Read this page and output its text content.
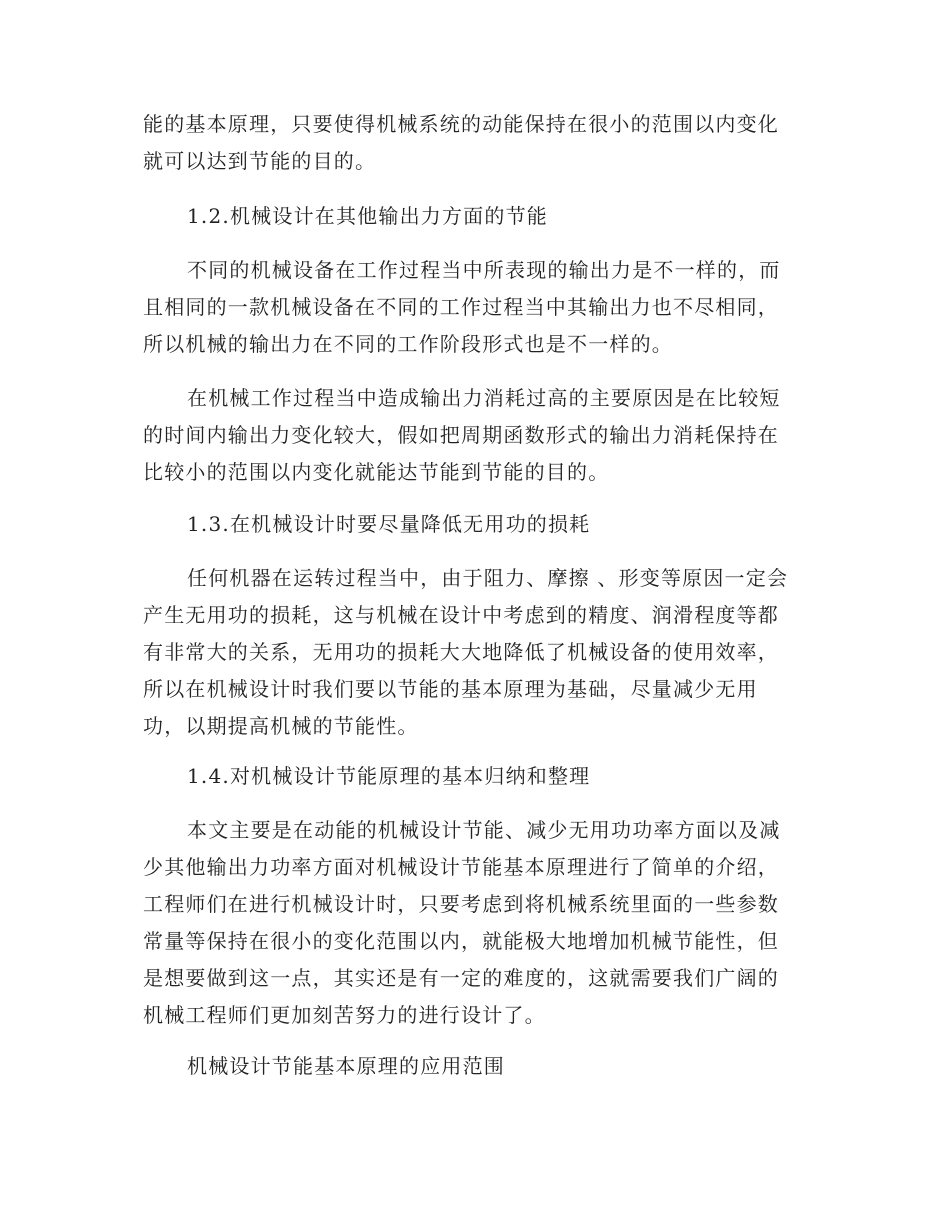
能的基本原理，只要使得机械系统的动能保持在很小的范围以内变化
就可以达到节能的目的。

1.2.机械设计在其他输出力方面的节能

不同的机械设备在工作过程当中所表现的输出力是不一样的，而
且相同的一款机械设备在不同的工作过程当中其输出力也不尽相同，
所以机械的输出力在不同的工作阶段形式也是不一样的。

在机械工作过程当中造成输出力消耗过高的主要原因是在比较短
的时间内输出力变化较大，假如把周期函数形式的输出力消耗保持在
比较小的范围以内变化就能达节能到节能的目的。

1.3.在机械设计时要尽量降低无用功的损耗

任何机器在运转过程当中，由于阻力、摩擦 、形变等原因一定会
产生无用功的损耗，这与机械在设计中考虑到的精度、润滑程度等都
有非常大的关系，无用功的损耗大大地降低了机械设备的使用效率，
所以在机械设计时我们要以节能的基本原理为基础，尽量减少无用
功，以期提高机械的节能性。

1.4.对机械设计节能原理的基本归纳和整理

本文主要是在动能的机械设计节能、减少无用功功率方面以及减
少其他输出力功率方面对机械设计节能基本原理进行了简单的介绍，
工程师们在进行机械设计时，只要考虑到将机械系统里面的一些参数
常量等保持在很小的变化范围以内，就能极大地增加机械节能性，但
是想要做到这一点，其实还是有一定的难度的，这就需要我们广阔的
机械工程师们更加刻苦努力的进行设计了。

机械设计节能基本原理的应用范围
